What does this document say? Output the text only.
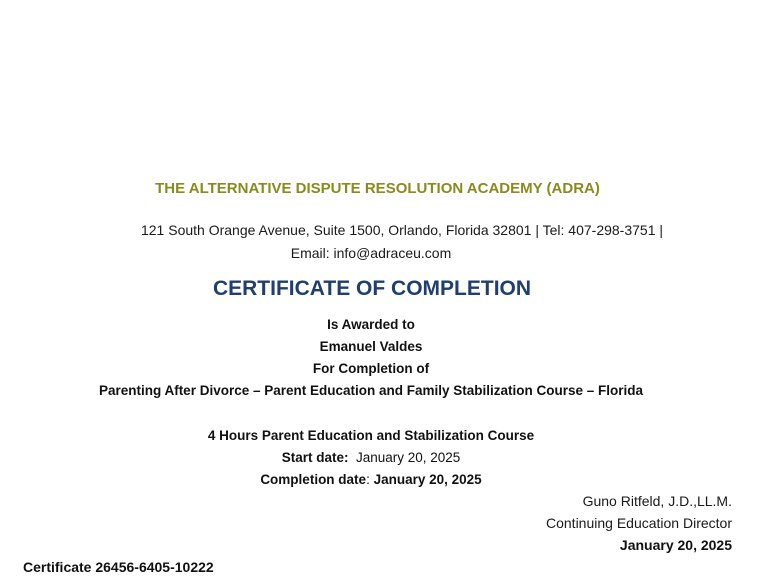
THE ALTERNATIVE DISPUTE RESOLUTION ACADEMY (ADRA)
121 South Orange Avenue, Suite 1500, Orlando, Florida 32801 | Tel: 407-298-3751 |
Email: info@adraceu.com
CERTIFICATE OF COMPLETION
Is Awarded to
Emanuel Valdes
For Completion of
Parenting After Divorce – Parent Education and Family Stabilization Course – Florida
4 Hours Parent Education and Stabilization Course
Start date: January 20, 2025
Completion date: January 20, 2025
Guno Ritfeld, J.D.,LL.M.
Continuing Education Director
January 20, 2025
Certificate 26456-6405-10222
